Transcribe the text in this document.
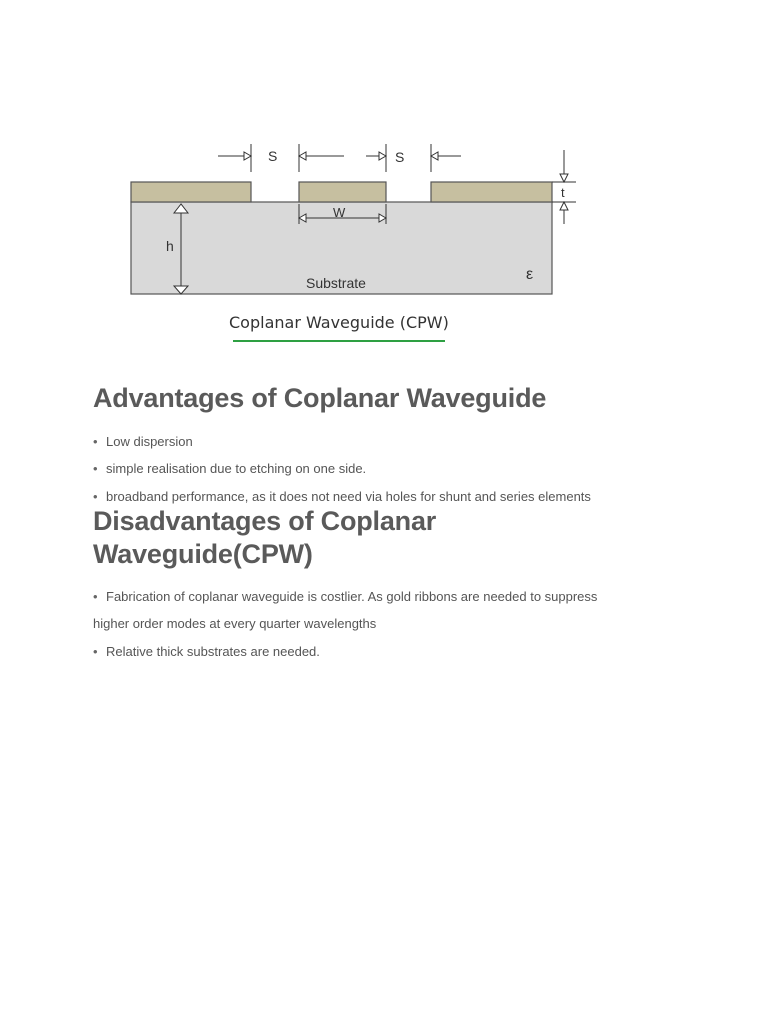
S	S
t
W
h
Substrate	ε
Coplanar Waveguide (CPW)
Advantages of Coplanar Waveguide

• Low dispersion

• simple realisation due to etching on one side.

• broadband performance, as it does not need via holes for shunt and series elements

Disadvantages of Coplanar Waveguide(CPW)

• Fabrication of coplanar waveguide is costlier. As gold ribbons are needed to suppress

higher order modes at every quarter wavelengths

• Relative thick substrates are needed.
